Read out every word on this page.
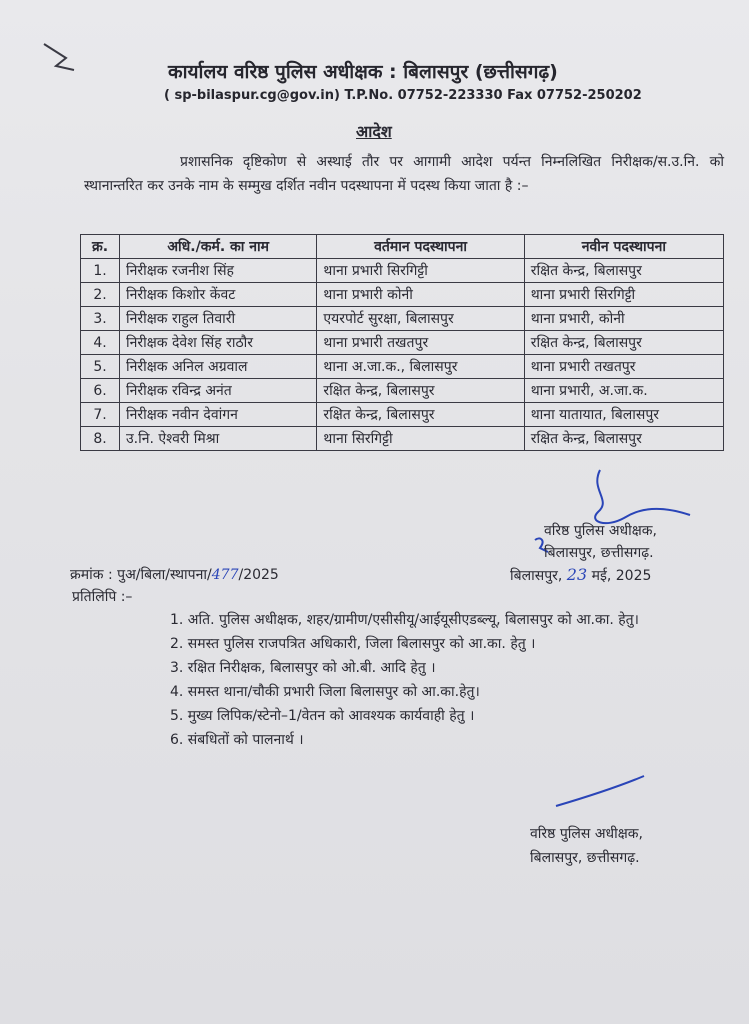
कार्यालय वरिष्ठ पुलिस अधीक्षक : बिलासपुर (छत्तीसगढ़)
( sp-bilaspur.cg@gov.in) T.P.No. 07752-223330 Fax 07752-250202
आदेश
प्रशासनिक दृष्टिकोण से अस्थाई तौर पर आगामी आदेश पर्यन्त निम्नलिखित निरीक्षक/स.उ.नि. को स्थानान्तरित कर उनके नाम के सम्मुख दर्शित नवीन पदस्थापना में पदस्थ किया जाता है :–
क्र.	अधि./कर्म. का नाम	वर्तमान पदस्थापना	नवीन पदस्थापना
1.	निरीक्षक रजनीश सिंह	थाना प्रभारी सिरगिट्टी	रक्षित केन्द्र, बिलासपुर
2.	निरीक्षक किशोर केंवट	थाना प्रभारी कोनी	थाना प्रभारी सिरगिट्टी
3.	निरीक्षक राहुल तिवारी	एयरपोर्ट सुरक्षा, बिलासपुर	थाना प्रभारी, कोनी
4.	निरीक्षक देवेश सिंह राठौर	थाना प्रभारी तखतपुर	रक्षित केन्द्र, बिलासपुर
5.	निरीक्षक अनिल अग्रवाल	थाना अ.जा.क., बिलासपुर	थाना प्रभारी तखतपुर
6.	निरीक्षक रविन्द्र अनंत	रक्षित केन्द्र, बिलासपुर	थाना प्रभारी, अ.जा.क.
7.	निरीक्षक नवीन देवांगन	रक्षित केन्द्र, बिलासपुर	थाना यातायात, बिलासपुर
8.	उ.नि. ऐश्वरी मिश्रा	थाना सिरगिट्टी	रक्षित केन्द्र, बिलासपुर
वरिष्ठ पुलिस अधीक्षक,
बिलासपुर, छत्तीसगढ़.
क्रमांक : पुअ/बिला/स्थापना/477/2025	बिलासपुर, 23 मई, 2025
प्रतिलिपि :–
1. अति. पुलिस अधीक्षक, शहर/ग्रामीण/एसीसीयू/आईयूसीएडब्ल्यू, बिलासपुर को आ.का. हेतु।
2. समस्त पुलिस राजपत्रित अधिकारी, जिला बिलासपुर को आ.का. हेतु ।
3. रक्षित निरीक्षक, बिलासपुर को ओ.बी. आदि हेतु ।
4. समस्त थाना/चौकी प्रभारी जिला बिलासपुर को आ.का.हेतु।
5. मुख्य लिपिक/स्टेनो–1/वेतन को आवश्यक कार्यवाही हेतु ।
6. संबधितों को पालनार्थ ।
वरिष्ठ पुलिस अधीक्षक,
बिलासपुर, छत्तीसगढ़.
